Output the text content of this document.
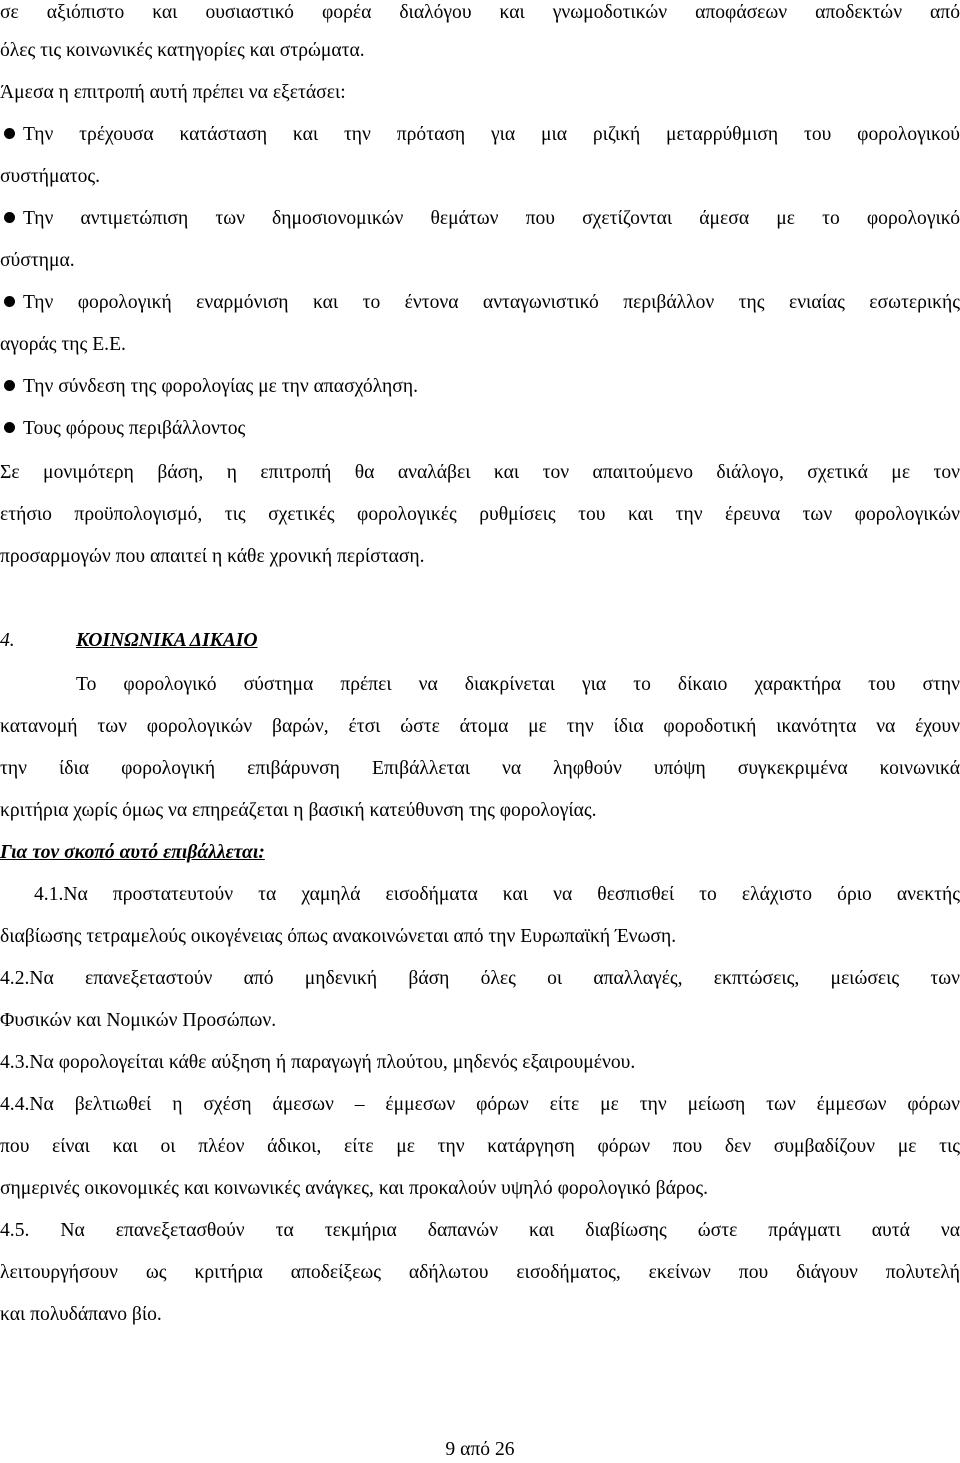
σε αξιόπιστο και ουσιαστικό φορέα διαλόγου και γνωμοδοτικών αποφάσεων αποδεκτών από
όλες τις κοινωνικές κατηγορίες και στρώματα.
Άμεσα η επιτροπή αυτή πρέπει να εξετάσει:
Την τρέχουσα κατάσταση και την πρόταση για μια ριζική μεταρρύθμιση του φορολογικού
συστήματος.
Την αντιμετώπιση των δημοσιονομικών θεμάτων που σχετίζονται άμεσα με το φορολογικό
σύστημα.
Την φορολογική εναρμόνιση και το έντονα ανταγωνιστικό περιβάλλον της ενιαίας εσωτερικής
αγοράς της Ε.Ε.
Την σύνδεση της φορολογίας με την απασχόληση.
Τους φόρους περιβάλλοντος
Σε μονιμότερη βάση, η επιτροπή θα αναλάβει και τον απαιτούμενο διάλογο, σχετικά με τον
ετήσιο προϋπολογισμό, τις σχετικές φορολογικές ρυθμίσεις του και την έρευνα των φορολογικών
προσαρμογών που απαιτεί η κάθε χρονική περίσταση.
4.	ΚΟΙΝΩΝΙΚΑ ΔΙΚΑΙΟ
Το φορολογικό σύστημα πρέπει να διακρίνεται για το δίκαιο χαρακτήρα του στην
κατανομή των φορολογικών βαρών, έτσι ώστε άτομα με την ίδια φοροδοτική ικανότητα να έχουν
την ίδια φορολογική επιβάρυνση Επιβάλλεται να ληφθούν υπόψη συγκεκριμένα κοινωνικά
κριτήρια χωρίς όμως να επηρεάζεται η βασική κατεύθυνση της φορολογίας.
Για τον σκοπό αυτό επιβάλλεται:
4.1.Να προστατευτούν τα χαμηλά εισοδήματα και να θεσπισθεί το ελάχιστο όριο ανεκτής
διαβίωσης τετραμελούς οικογένειας όπως ανακοινώνεται από την Ευρωπαϊκή Ένωση.
4.2.Να επανεξεταστούν από μηδενική βάση όλες οι απαλλαγές, εκπτώσεις, μειώσεις των
Φυσικών και Νομικών Προσώπων.
4.3.Να φορολογείται κάθε αύξηση ή παραγωγή πλούτου, μηδενός εξαιρουμένου.
4.4.Να βελτιωθεί η σχέση άμεσων – έμμεσων φόρων είτε με την μείωση των έμμεσων φόρων
που είναι και οι πλέον άδικοι, είτε με την κατάργηση φόρων που δεν συμβαδίζουν με τις
σημερινές οικονομικές και κοινωνικές ανάγκες, και προκαλούν υψηλό φορολογικό βάρος.
4.5. Να επανεξετασθούν τα τεκμήρια δαπανών και διαβίωσης ώστε πράγματι αυτά να
λειτουργήσουν ως κριτήρια αποδείξεως αδήλωτου εισοδήματος, εκείνων που διάγουν πολυτελή
και πολυδάπανο βίο.
9 από 26
